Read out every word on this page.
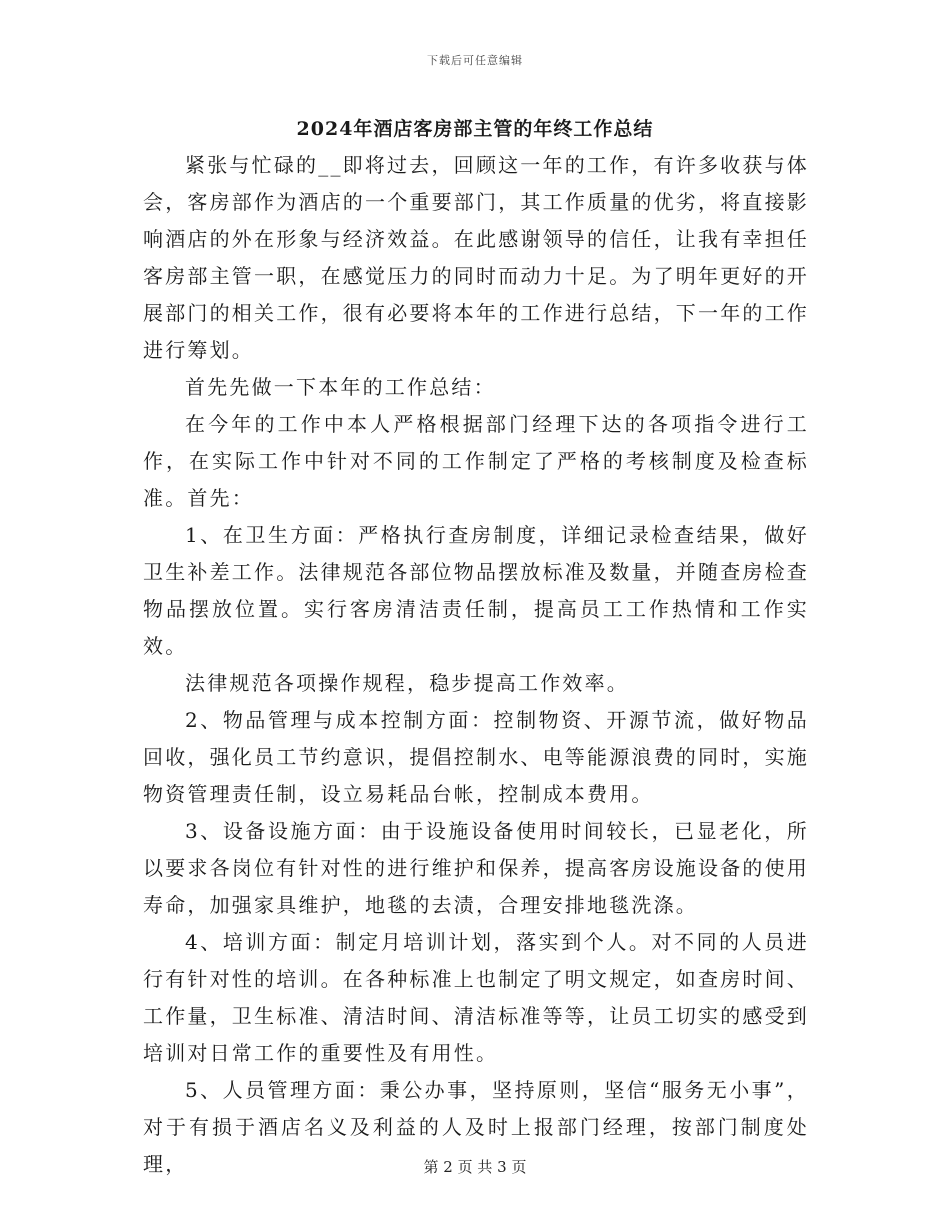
下载后可任意编辑
2024年酒店客房部主管的年终工作总结

紧张与忙碌的__即将过去，回顾这一年的工作，有许多收获与体会，客房部作为酒店的一个重要部门，其工作质量的优劣，将直接影响酒店的外在形象与经济效益。在此感谢领导的信任，让我有幸担任客房部主管一职，在感觉压力的同时而动力十足。为了明年更好的开展部门的相关工作，很有必要将本年的工作进行总结，下一年的工作进行筹划。

首先先做一下本年的工作总结：

在今年的工作中本人严格根据部门经理下达的各项指令进行工作，在实际工作中针对不同的工作制定了严格的考核制度及检查标准。首先：

1、在卫生方面：严格执行查房制度，详细记录检查结果，做好卫生补差工作。法律规范各部位物品摆放标准及数量，并随查房检查物品摆放位置。实行客房清洁责任制，提高员工工作热情和工作实效。

法律规范各项操作规程，稳步提高工作效率。

2、物品管理与成本控制方面：控制物资、开源节流，做好物品回收，强化员工节约意识，提倡控制水、电等能源浪费的同时，实施物资管理责任制，设立易耗品台帐，控制成本费用。

3、设备设施方面：由于设施设备使用时间较长，已显老化，所以要求各岗位有针对性的进行维护和保养，提高客房设施设备的使用寿命，加强家具维护，地毯的去渍，合理安排地毯洗涤。

4、培训方面：制定月培训计划，落实到个人。对不同的人员进行有针对性的培训。在各种标准上也制定了明文规定，如查房时间、工作量，卫生标准、清洁时间、清洁标准等等，让员工切实的感受到培训对日常工作的重要性及有用性。

5、人员管理方面：秉公办事，坚持原则，坚信“服务无小事”，对于有损于酒店名义及利益的人及时上报部门经理，按部门制度处理，	第 2 页 共 3 页
